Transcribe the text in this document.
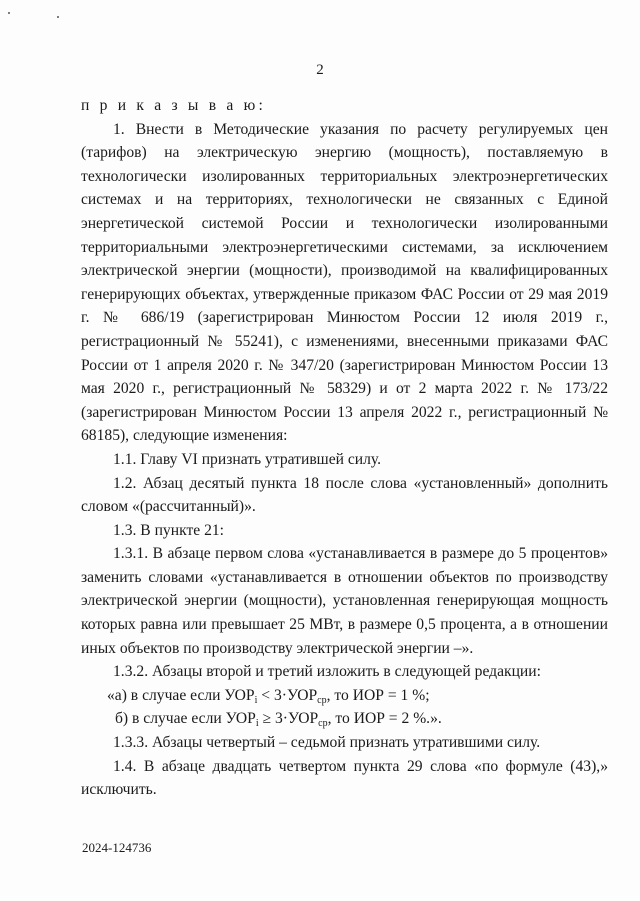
2

п р и к а з ы в а ю:

1. Внести в Методические указания по расчету регулируемых цен (тарифов) на электрическую энергию (мощность), поставляемую в технологически изолированных территориальных электроэнергетических системах и на территориях, технологически не связанных с Единой энергетической системой России и технологически изолированными территориальными электроэнергетическими системами, за исключением электрической энергии (мощности), производимой на квалифицированных генерирующих объектах, утвержденные приказом ФАС России от 29 мая 2019 г. № 686/19 (зарегистрирован Минюстом России 12 июля 2019 г., регистрационный № 55241), с изменениями, внесенными приказами ФАС России от 1 апреля 2020 г. № 347/20 (зарегистрирован Минюстом России 13 мая 2020 г., регистрационный № 58329) и от 2 марта 2022 г. № 173/22 (зарегистрирован Минюстом России 13 апреля 2022 г., регистрационный № 68185), следующие изменения:

1.1. Главу VI признать утратившей силу.

1.2. Абзац десятый пункта 18 после слова «установленный» дополнить словом «(рассчитанный)».

1.3. В пункте 21:

1.3.1. В абзаце первом слова «устанавливается в размере до 5 процентов» заменить словами «устанавливается в отношении объектов по производству электрической энергии (мощности), установленная генерирующая мощность которых равна или превышает 25 МВт, в размере 0,5 процента, а в отношении иных объектов по производству электрической энергии –».

1.3.2. Абзацы второй и третий изложить в следующей редакции:

«а) в случае если $УОР_i < 3\cdot УОР_{ср}$, то ИОР = 1 %;

б) в случае если $УОР_i \ge 3\cdot УОР_{ср}$, то ИОР = 2 %.».

1.3.3. Абзацы четвертый – седьмой признать утратившими силу.

1.4. В абзаце двадцать четвертом пункта 29 слова «по формуле (43),» исключить.

2024-124736
